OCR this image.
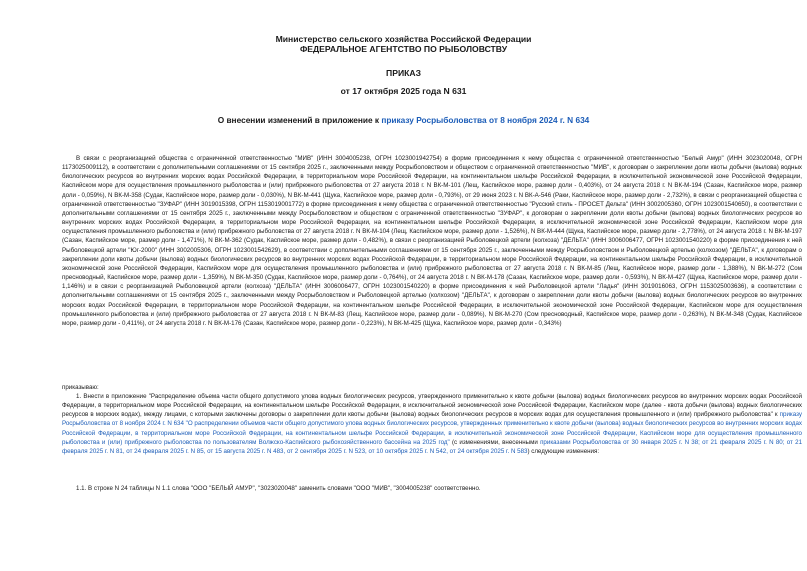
Министерство сельского хозяйства Российской Федерации
ФЕДЕРАЛЬНОЕ АГЕНТСТВО ПО РЫБОЛОВСТВУ
ПРИКАЗ
от 17 октября 2025 года N 631
О внесении изменений в приложение к приказу Росрыболовства от 8 ноября 2024 г. N 634
В связи с реорганизацией общества с ограниченной ответственностью "МИВ" (ИНН 3004005238, ОГРН 1023001942754) в форме присоединения к нему общества с ограниченной ответственностью "Белый Амур" (ИНН 3023020048, ОГРН 1173025009112), в соответствии с дополнительными соглашениями от 15 сентября 2025 г., заключенными между Росрыболовством и обществом с ограниченной ответственностью "МИВ", к договорам о закреплении доли квоты добычи (вылова) водных биологических ресурсов во внутренних морских водах Российской Федерации, в территориальном море Российской Федерации, на континентальном шельфе Российской Федерации, в исключительной экономической зоне Российской Федерации, Каспийском море для осуществления промышленного рыболовства и (или) прибрежного рыболовства от 27 августа 2018 г. N ВК-М-101 (Лещ, Каспийское море, размер доли - 0,403%), от 24 августа 2018 г. N ВК-М-194 (Сазан, Каспийское море, размер доли - 0,059%), N ВК-М-358 (Судак, Каспийское море, размер доли - 0,030%), N ВК-М-441 (Щука, Каспийское море, размер доли - 0,793%), от 29 июня 2023 г. N ВК-А-546 (Раки, Каспийское море, размер доли - 2,732%), в связи с реорганизацией общества с ограниченной ответственностью "ЗУФАР" (ИНН 3019015398, ОГРН 1153019001772) в форме присоединения к нему общества с ограниченной ответственностью "Русский стиль - ПРОСЕТ Дельта" (ИНН 3002005360, ОГРН 1023001540650), в соответствии с дополнительными соглашениями от 15 сентября 2025 г., заключенными между Росрыболовством и обществом с ограниченной ответственностью "ЗУФАР", к договорам о закреплении доли квоты добычи (вылова) водных биологических ресурсов во внутренних морских водах Российской Федерации, в территориальном море Российской Федерации, на континентальном шельфе Российской Федерации, в исключительной экономической зоне Российской Федерации, Каспийском море для осуществления промышленного рыболовства и (или) прибрежного рыболовства от 27 августа 2018 г. N ВК-М-104 (Лещ, Каспийское море, размер доли - 1,526%), N ВК-М-444 (Щука, Каспийское море, размер доли - 2,778%), от 24 августа 2018 г. N ВК-М-197 (Сазан, Каспийское море, размер доли - 1,471%), N ВК-М-362 (Судак, Каспийское море, размер доли - 0,482%), в связи с реорганизацией Рыболовецкой артели (колхоза) "ДЕЛЬТА" (ИНН 3006006477, ОГРН 1023001540220) в форме присоединения к ней Рыболовецкой артели "Юг-2000" (ИНН 3002005306, ОГРН 1023001542629), в соответствии с дополнительными соглашениями от 15 сентября 2025 г., заключенными между Росрыболовством и Рыболовецкой артелью (колхозом) "ДЕЛЬТА", к договорам о закреплении доли квоты добычи (вылова) водных биологических ресурсов во внутренних морских водах Российской Федерации, в территориальном море Российской Федерации, на континентальном шельфе Российской Федерации, в исключительной экономической зоне Российской Федерации, Каспийском море для осуществления промышленного рыболовства и (или) прибрежного рыболовства от 27 августа 2018 г. N ВК-М-85 (Лещ, Каспийское море, размер доли - 1,388%), N ВК-М-272 (Сом пресноводный, Каспийское море, размер доли - 1,359%), N ВК-М-350 (Судак, Каспийское море, размер доли - 0,764%), от 24 августа 2018 г. N ВК-М-178 (Сазан, Каспийское море, размер доли - 0,593%), N ВК-М-427 (Щука, Каспийское море, размер доли - 1,146%) и в связи с реорганизацией Рыболовецкой артели (колхоза) "ДЕЛЬТА" (ИНН 3006006477, ОГРН 1023001540220) в форме присоединения к ней Рыболовецкой артели "Ладья" (ИНН 3019016063, ОГРН 1153025003636), в соответствии с дополнительными соглашениями от 15 сентября 2025 г., заключенными между Росрыболовством и Рыболовецкой артелью (колхозом) "ДЕЛЬТА", к договорам о закреплении доли квоты добычи (вылова) водных биологических ресурсов во внутренних морских водах Российской Федерации, в территориальном море Российской Федерации, на континентальном шельфе Российской Федерации, в исключительной экономической зоне Российской Федерации, Каспийском море для осуществления промышленного рыболовства и (или) прибрежного рыболовства от 27 августа 2018 г. N ВК-М-83 (Лещ, Каспийское море, размер доли - 0,089%), N ВК-М-270 (Сом пресноводный, Каспийское море, размер доли - 0,263%), N ВК-М-348 (Судак, Каспийское море, размер доли - 0,411%), от 24 августа 2018 г. N ВК-М-176 (Сазан, Каспийское море, размер доли - 0,223%), N ВК-М-425 (Щука, Каспийское море, размер доли - 0,343%)
приказываю:
1. Внести в приложение "Распределение объема части общего допустимого улова водных биологических ресурсов, утвержденного применительно к квоте добычи (вылова) водных биологических ресурсов во внутренних морских водах Российской Федерации, в территориальном море Российской Федерации, на континентальном шельфе Российской Федерации, в исключительной экономической зоне Российской Федерации, Каспийском море (далее - квота добычи (вылова) водных биологических ресурсов в морских водах), между лицами, с которыми заключены договоры о закреплении доли квоты добычи (вылова) водных биологических ресурсов в морских водах для осуществления промышленного и (или) прибрежного рыболовства" к приказу Росрыболовства от 8 ноября 2024 г. N 634 "О распределении объемов части общего допустимого улова водных биологических ресурсов, утвержденных применительно к квоте добычи (вылова) водных биологических ресурсов во внутренних морских водах Российской Федерации, в территориальном море Российской Федерации, на континентальном шельфе Российской Федерации, в исключительной экономической зоне Российской Федерации, Каспийском море для осуществления промышленного рыболовства и (или) прибрежного рыболовства по пользователям Волжско-Каспийского рыбохозяйственного бассейна на 2025 год" (с изменениями, внесенными приказами Росрыболовства от 30 января 2025 г. N 38; от 21 февраля 2025 г. N 80; от 21 февраля 2025 г. N 81, от 24 февраля 2025 г. N 85, от 15 августа 2025 г. N 483, от 2 сентября 2025 г. N 523, от 10 октября 2025 г. N 542, от 24 октября 2025 г. N 583) следующие изменения:
1.1. В строке N 24 таблицы N 1.1 слова "ООО "БЕЛЫЙ АМУР", "3023020048" заменить словами "ООО "МИВ", "3004005238" соответственно.
